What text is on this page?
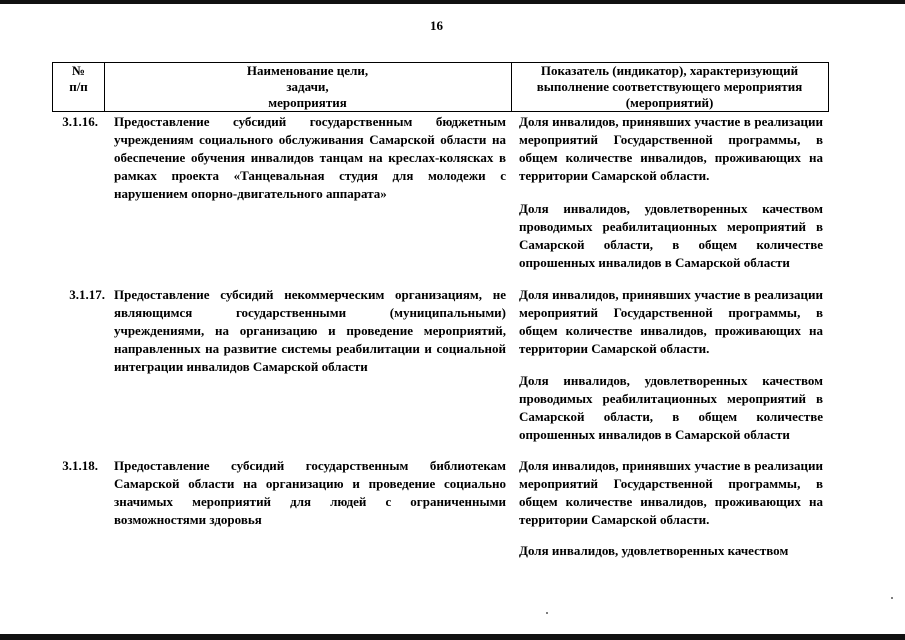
16
№
п/п
Наименование цели,
задачи,
мероприятия
Показатель (индикатор), характеризующий
выполнение соответствующего мероприятия
(мероприятий)
3.1.16. Предоставление субсидий государственным бюджетным учреждениям социального обслуживания Самарской области на обеспечение обучения инвалидов танцам на креслах-колясках в рамках проекта «Танцевальная студия для молодежи с нарушением опорно-двигательного аппарата»
Доля инвалидов, принявших участие в реализации мероприятий Государственной программы, в общем количестве инвалидов, проживающих на территории Самарской области.
Доля инвалидов, удовлетворенных качеством проводимых реабилитационных мероприятий в Самарской области, в общем количестве опрошенных инвалидов в Самарской области
3.1.17. Предоставление субсидий некоммерческим организациям, не являющимся государственными (муниципальными) учреждениями, на организацию и проведение мероприятий, направленных на развитие системы реабилитации и социальной интеграции инвалидов Самарской области
Доля инвалидов, принявших участие в реализации мероприятий Государственной программы, в общем количестве инвалидов, проживающих на территории Самарской области.
Доля инвалидов, удовлетворенных качеством проводимых реабилитационных мероприятий в Самарской области, в общем количестве опрошенных инвалидов в Самарской области
3.1.18. Предоставление субсидий государственным библиотекам Самарской области на организацию и проведение социально значимых мероприятий для людей с ограниченными возможностями здоровья
Доля инвалидов, принявших участие в реализации мероприятий Государственной программы, в общем количестве инвалидов, проживающих на территории Самарской области.
Доля инвалидов, удовлетворенных качеством
